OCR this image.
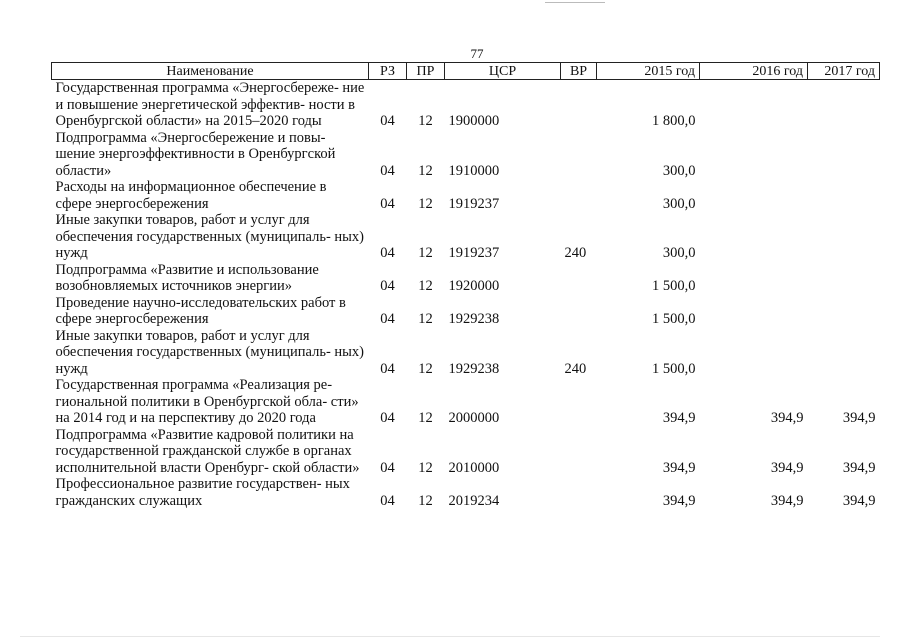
77
Наименование	РЗ	ПР	ЦСР	ВР	2015 год	2016 год	2017 год
Государственная программа «Энергосбереже- ние и повышение энергетической эффектив- ности в Оренбургской области» на 2015–2020 годы	04	12	1900000		1 800,0		
Подпрограмма «Энергосбережение и повы- шение энергоэффективности в Оренбургской области»	04	12	1910000		300,0		
Расходы на информационное обеспечение в сфере энергосбережения	04	12	1919237		300,0		
Иные закупки товаров, работ и услуг для обеспечения государственных (муниципаль- ных) нужд	04	12	1919237	240	300,0		
Подпрограмма «Развитие и использование возобновляемых источников энергии»	04	12	1920000		1 500,0		
Проведение научно-исследовательских работ в сфере энергосбережения	04	12	1929238		1 500,0		
Иные закупки товаров, работ и услуг для обеспечения государственных (муниципаль- ных) нужд	04	12	1929238	240	1 500,0		
Государственная программа «Реализация ре- гиональной политики в Оренбургской обла- сти» на 2014 год и на перспективу до 2020 года	04	12	2000000		394,9	394,9	394,9
Подпрограмма «Развитие кадровой политики на государственной гражданской службе в органах исполнительной власти Оренбург- ской области»	04	12	2010000		394,9	394,9	394,9
Профессиональное развитие государствен- ных гражданских служащих	04	12	2019234		394,9	394,9	394,9
